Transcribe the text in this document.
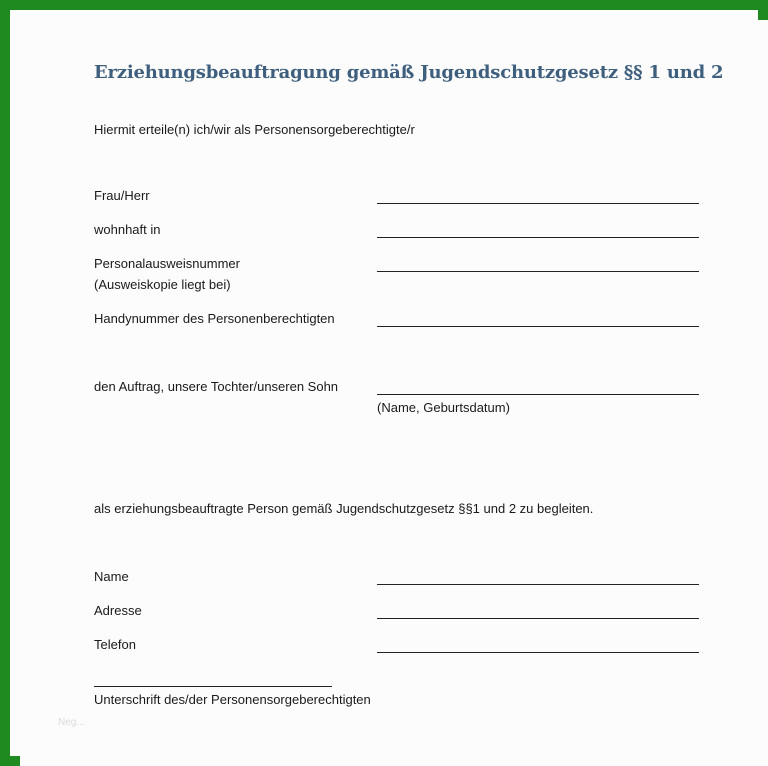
Erziehungsbeauftragung gemäß Jugendschutzgesetz §§ 1 und 2
Hiermit erteile(n) ich/wir als Personensorgeberechtigte/r
Frau/Herr
wohnhaft in
Personalausweisnummer
(Ausweiskopie liegt bei)
Handynummer des Personenberechtigten
den Auftrag, unsere Tochter/unseren Sohn
(Name, Geburtsdatum)
als erziehungsbeauftragte Person gemäß Jugendschutzgesetz §§1 und 2 zu begleiten.
Name
Adresse
Telefon
Unterschrift des/der Personensorgeberechtigten
Neg...
